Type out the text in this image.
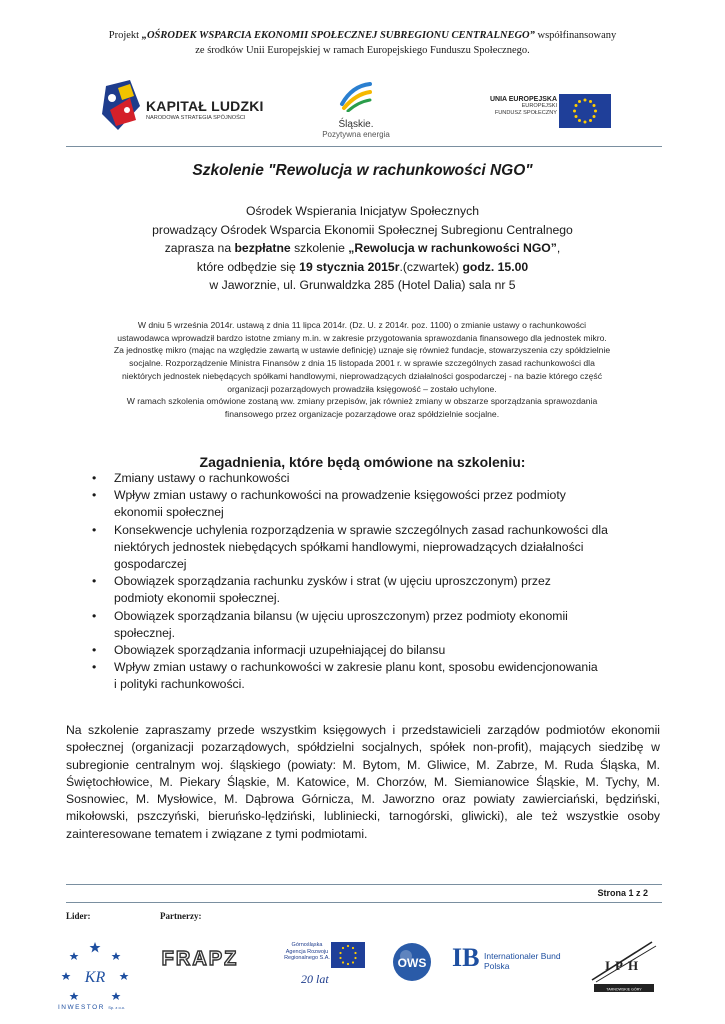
Projekt „OŚRODEK WSPARCIA EKONOMII SPOŁECZNEJ SUBREGIONU CENTRALNEGO” współfinansowany
ze środków Unii Europejskiej w ramach Europejskiego Funduszu Społecznego.
KAPITAŁ LUDZKI
NARODOWA STRATEGIA SPÓJNOŚCI
Śląskie.
Pozytywna energia
UNIA EUROPEJSKA
EUROPEJSKI
FUNDUSZ SPOŁECZNY
Szkolenie "Rewolucja w rachunkowości NGO"
Ośrodek Wspierania Inicjatyw Społecznych
prowadzący Ośrodek Wsparcia Ekonomii Społecznej Subregionu Centralnego
zaprasza na bezpłatne szkolenie „Rewolucja w rachunkowości NGO”,
które odbędzie się 19 stycznia 2015r.(czwartek) godz. 15.00
w Jaworznie, ul. Grunwaldzka 285 (Hotel Dalia) sala nr 5
W dniu 5 września 2014r. ustawą z dnia 11 lipca 2014r. (Dz. U. z 2014r. poz. 1100) o zmianie ustawy o rachunkowości
ustawodawca wprowadził bardzo istotne zmiany m.in. w zakresie przygotowania sprawozdania finansowego dla jednostek mikro.
Za jednostkę mikro (mając na względzie zawartą w ustawie definicję) uznaje się również fundacje, stowarzyszenia czy spółdzielnie
socjalne. Rozporządzenie Ministra Finansów z dnia 15 listopada 2001 r. w sprawie szczególnych zasad rachunkowości dla
niektórych jednostek niebędących spółkami handlowymi, nieprowadzących działalności gospodarczej - na bazie którego część
organizacji pozarządowych prowadziła księgowość – zostało uchylone.
W ramach szkolenia omówione zostaną ww. zmiany przepisów, jak również zmiany w obszarze sporządzania sprawozdania
finansowego przez organizacje pozarządowe oraz spółdzielnie socjalne.
Zagadnienia, które będą omówione na szkoleniu:
• Zmiany ustawy o rachunkowości
• Wpływ zmian ustawy o rachunkowości na prowadzenie księgowości przez podmioty
ekonomii społecznej
• Konsekwencje uchylenia rozporządzenia w sprawie szczególnych zasad rachunkowości dla
niektórych jednostek niebędących spółkami handlowymi, nieprowadzących działalności
gospodarczej
• Obowiązek sporządzania rachunku zysków i strat (w ujęciu uproszczonym) przez
podmioty ekonomii społecznej.
• Obowiązek sporządzania bilansu (w ujęciu uproszczonym) przez podmioty ekonomii
społecznej.
• Obowiązek sporządzania informacji uzupełniającej do bilansu
• Wpływ zmian ustawy o rachunkowości w zakresie planu kont, sposobu ewidencjonowania
i polityki rachunkowości.
Na szkolenie zapraszamy przede wszystkim księgowych i przedstawicieli zarządów podmiotów ekonomii społecznej (organizacji pozarządowych, spółdzielni socjalnych, spółek non-profit), mających siedzibę w subregionie centralnym woj. śląskiego (powiaty: M. Bytom, M. Gliwice, M. Zabrze, M. Ruda Śląska, M. Świętochłowice, M. Piekary Śląskie, M. Katowice, M. Chorzów, M. Siemianowice Śląskie, M. Tychy, M. Sosnowiec, M. Mysłowice, M. Dąbrowa Górnicza, M. Jaworzno oraz powiaty zawierciański, będziński, mikołowski, pszczyński, bieruńsko-lędziński, lubliniecki, tarnogórski, gliwicki), ale też wszystkie osoby zainteresowane tematem i związane z tymi podmiotami.
Strona 1 z 2
Lider:	Partnerzy:
KR
INWESTOR Sp. z o.o.
FRAPZ
Górnośląska
Agencja Rozwoju
Regionalnego S.A.
20 lat
OWS IB Internationaler Bund
Polska	IPH
TARNOWSKIE GÓRY
